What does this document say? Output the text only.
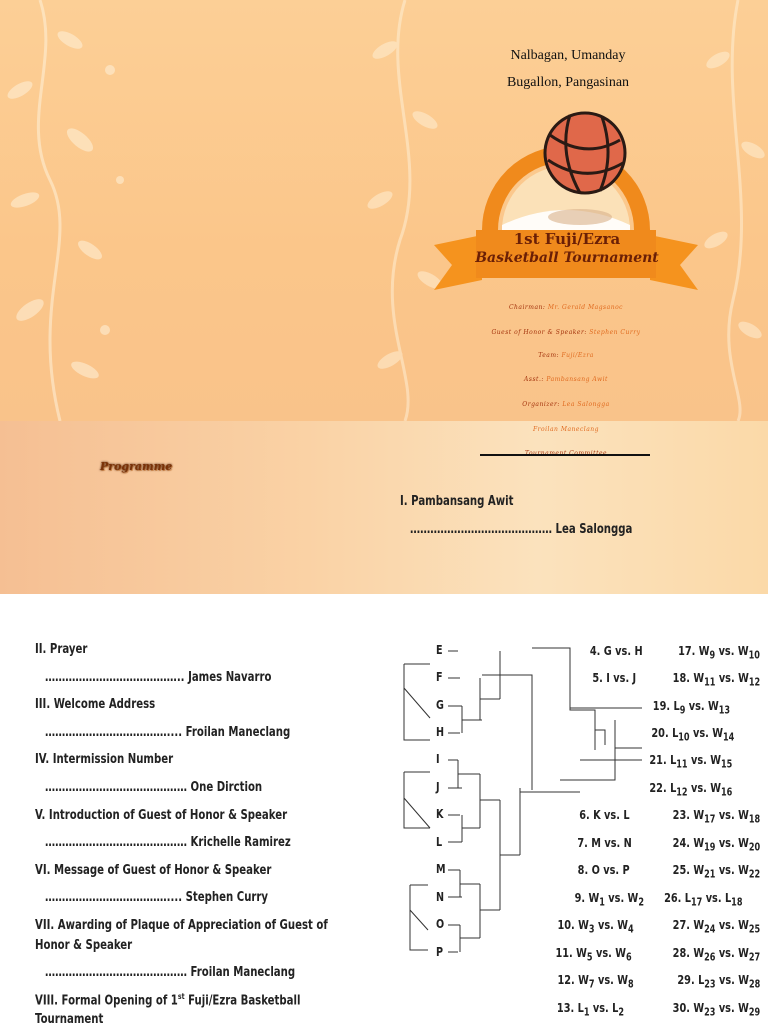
Nalbagan, Umanday
Bugallon, Pangasinan
1st Fuji/Ezra
Basketball Tournament
Chairman: Mr. Gerald Magsanoc
Guest of Honor & Speaker: Stephen Curry
Team: Fuji/Ezra
Asst.: Pambansang Awit
Organizer: Lea Salongga
Froilan Maneclang
Tournament Committee
Programme
I. Pambansang Awit
…………………………………… Lea Salongga
II. Prayer
………………………………….. James Navarro
III. Welcome Address
……………………………….... Froilan Maneclang
IV. Intermission Number
…………………………………… One Dirction
V. Introduction of Guest of Honor & Speaker
…………………………………… Krichelle Ramirez
VI. Message of Guest of Honor & Speaker
……………………………….... Stephen Curry
VII. Awarding of Plaque of Appreciation of Guest of
Honor & Speaker
…………………………………… Froilan Maneclang
VIII. Formal Opening of 1st Fuji/Ezra Basketball
Tournament
E
F
G
H
I
J
K
L
M
N
O
P
4. G vs. H
5. I vs. J
6. K vs. L
7. M vs. N
8. O vs. P
9. $W_1$ vs. $W_2$
10. $W_3$ vs. $W_4$
11. $W_5$ vs. $W_6$
12. $W_7$ vs. $W_8$
13. $L_1$ vs. $L_2$
17. $W_9$ vs. $W_{10}$
18. $W_{11}$ vs. $W_{12}$
19. $L_9$ vs. $W_{13}$
20. $L_{10}$ vs. $W_{14}$
21. $L_{11}$ vs. $W_{15}$
22. $L_{12}$ vs. $W_{16}$
23. $W_{17}$ vs. $W_{18}$
24. $W_{19}$ vs. $W_{20}$
25. $W_{21}$ vs. $W_{22}$
26. $L_{17}$ vs. $L_{18}$
27. $W_{24}$ vs. $W_{25}$
28. $W_{26}$ vs. $W_{27}$
29. $L_{23}$ vs. $W_{28}$
30. $W_{23}$ vs. $W_{29}$
